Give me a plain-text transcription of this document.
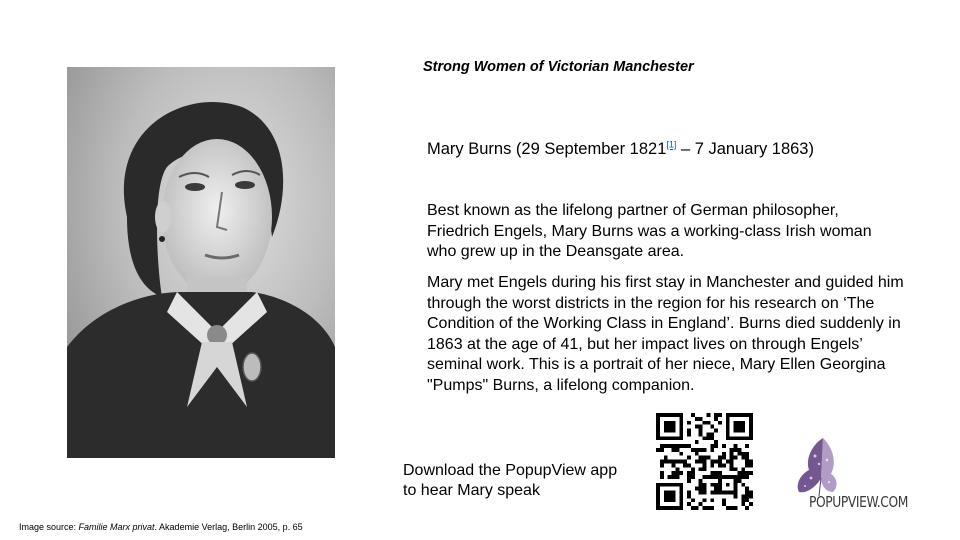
Strong Women of Victorian Manchester
Mary Burns (29 September 1821[1] – 7 January 1863)

Best known as the lifelong partner of German philosopher, Friedrich Engels, Mary Burns was a working-class Irish woman who grew up in the Deansgate area.

Mary met Engels during his first stay in Manchester and guided him through the worst districts in the region for his research on ‘The Condition of the Working Class in England’. Burns died suddenly in 1863 at the age of 41, but her impact lives on through Engels’ seminal work. This is a portrait of her niece, Mary Ellen Georgina "Pumps" Burns, a lifelong companion.

Download the PopupView app to hear Mary speak

POPUPVIEW.COM
Image source: Familie Marx privat. Akademie Verlag, Berlin 2005, p. 65
